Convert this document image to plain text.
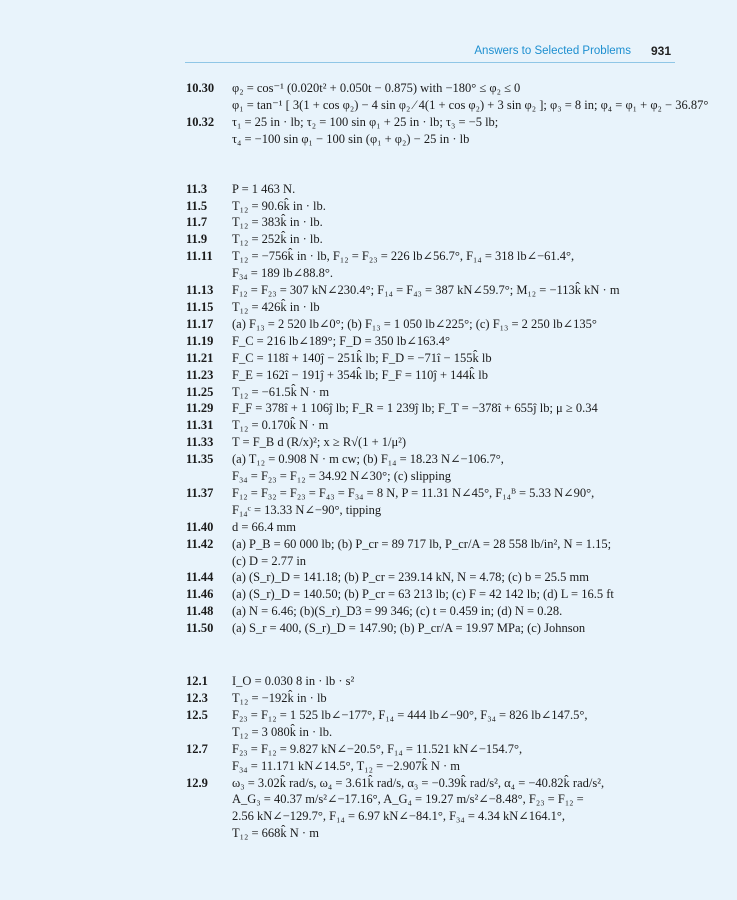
Answers to Selected Problems 931
10.30	φ₂ = cos⁻¹ (0.020t² + 0.050t − 0.875) with −180° ≤ φ₂ ≤ 0
φ₁ = tan⁻¹ [ 3(1 + cos φ₂) − 4 sin φ₂ ⁄ 4(1 + cos φ₂) + 3 sin φ₂ ]; φ₃ = 8 in; φ₄ = φ₁ + φ₂ − 36.87°
10.32	τ₁ = 25 in · lb; τ₂ = 100 sin φ₁ + 25 in · lb; τ₃ = −5 lb;
τ₄ = −100 sin φ₁ − 100 sin (φ₁ + φ₂) − 25 in · lb
11.3	P = 1 463 N.
11.5	T₁₂ = 90.6k̂ in · lb.
11.7	T₁₂ = 383k̂ in · lb.
11.9	T₁₂ = 252k̂ in · lb.
11.11	T₁₂ = −756k̂ in · lb, F₁₂ = F₂₃ = 226 lb∠56.7°, F₁₄ = 318 lb∠−61.4°,
F₃₄ = 189 lb∠88.8°.
11.13	F₁₂ = F₂₃ = 307 kN∠230.4°; F₁₄ = F₄₃ = 387 kN∠59.7°; M₁₂ = −113k̂ kN · m
11.15	T₁₂ = 426k̂ in · lb
11.17	(a) F₁₃ = 2 520 lb∠0°; (b) F₁₃ = 1 050 lb∠225°; (c) F₁₃ = 2 250 lb∠135°
11.19	F_C = 216 lb∠189°; F_D = 350 lb∠163.4°
11.21	F_C = 118î + 140ĵ − 251k̂ lb; F_D = −71î − 155k̂ lb
11.23	F_E = 162î − 191ĵ + 354k̂ lb; F_F = 110ĵ + 144k̂ lb
11.25	T₁₂ = −61.5k̂ N · m
11.29	F_F = 378î + 1 106ĵ lb; F_R = 1 239ĵ lb; F_T = −378î + 655ĵ lb; μ ≥ 0.34
11.31	T₁₂ = 0.170k̂ N · m
11.33	T = F_B d (R/x)²; x ≥ R√(1 + 1/μ²)
11.35	(a) T₁₂ = 0.908 N · m cw; (b) F₁₄ = 18.23 N∠−106.7°,
F₃₄ = F₂₃ = F₁₂ = 34.92 N∠30°; (c) slipping
11.37	F₁₂ = F₃₂ = F₂₃ = F₄₃ = F₃₄ = 8 N, P = 11.31 N∠45°, F₁₄ᴮ = 5.33 N∠90°,
F₁₄ᶜ = 13.33 N∠−90°, tipping
11.40	d = 66.4 mm
11.42	(a) P_B = 60 000 lb; (b) P_cr = 89 717 lb, P_cr/A = 28 558 lb/in², N = 1.15;
(c) D = 2.77 in
11.44	(a) (S_r)_D = 141.18; (b) P_cr = 239.14 kN, N = 4.78; (c) b = 25.5 mm
11.46	(a) (S_r)_D = 140.50; (b) P_cr = 63 213 lb; (c) F = 42 142 lb; (d) L = 16.5 ft
11.48	(a) N = 6.46; (b)(S_r)_D3 = 99 346; (c) t = 0.459 in; (d) N = 0.28.
11.50	(a) S_r = 400, (S_r)_D = 147.90; (b) P_cr/A = 19.97 MPa; (c) Johnson
12.1	I_O = 0.030 8 in · lb · s²
12.3	T₁₂ = −192k̂ in · lb
12.5	F₂₃ = F₁₂ = 1 525 lb∠−177°, F₁₄ = 444 lb∠−90°, F₃₄ = 826 lb∠147.5°,
T₁₂ = 3 080k̂ in · lb.
12.7	F₂₃ = F₁₂ = 9.827 kN∠−20.5°, F₁₄ = 11.521 kN∠−154.7°,
F₃₄ = 11.171 kN∠14.5°, T₁₂ = −2.907k̂ N · m
12.9	ω₃ = 3.02k̂ rad/s, ω₄ = 3.61k̂ rad/s, α₃ = −0.39k̂ rad/s², α₄ = −40.82k̂ rad/s²,
A_G₃ = 40.37 m/s²∠−17.16°, A_G₄ = 19.27 m/s²∠−8.48°, F₂₃ = F₁₂ =
2.56 kN∠−129.7°, F₁₄ = 6.97 kN∠−84.1°, F₃₄ = 4.34 kN∠164.1°,
T₁₂ = 668k̂ N · m
